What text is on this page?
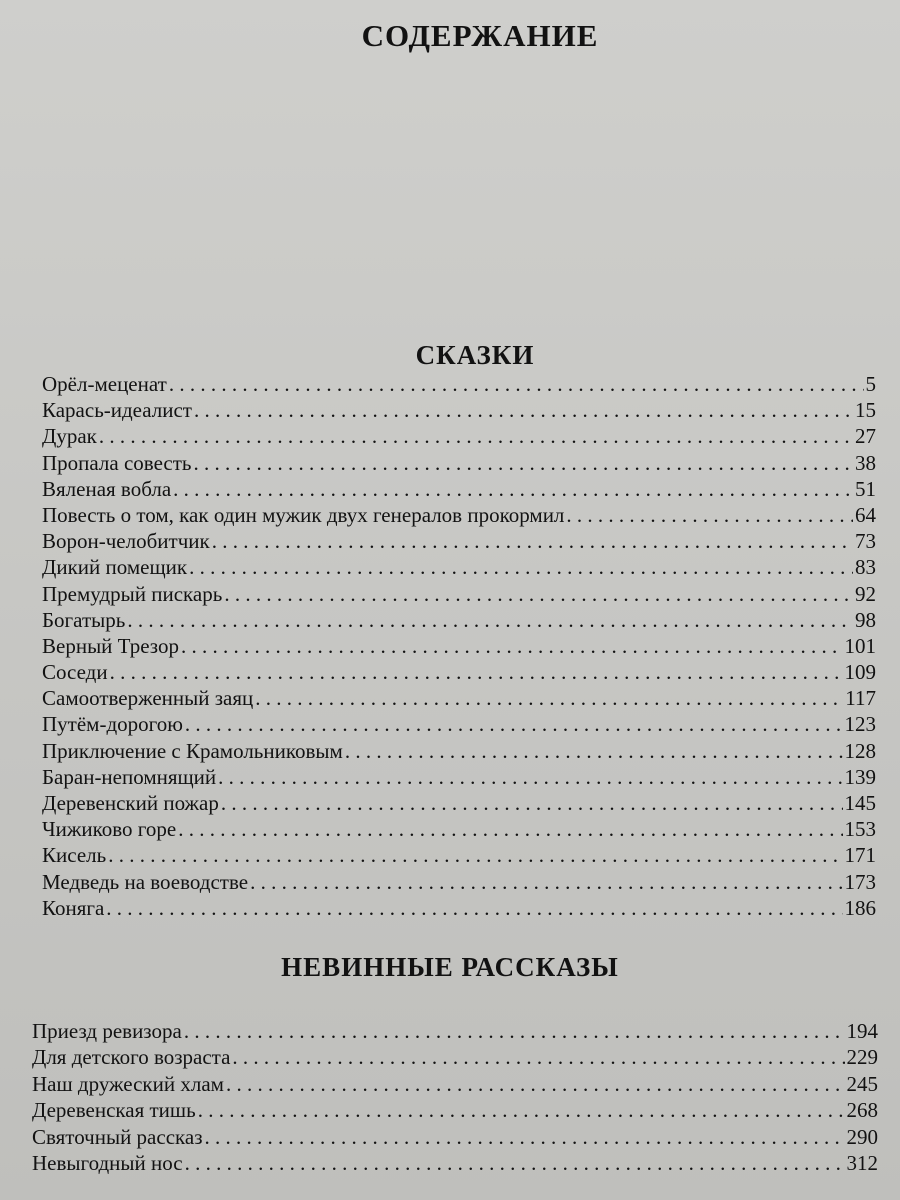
СОДЕРЖАНИЕ
СКАЗКИ
Орёл-меценат . . .	5
Карась-идеалист . . .	15
Дурак . . .	27
Пропала совесть . . .	38
Вяленая вобла . . .	51
Повесть о том, как один мужик двух генералов прокормил . . .	64
Ворон-челобитчик . . .	73
Дикий помещик . . .	83
Премудрый пискарь . . .	92
Богатырь . . .	98
Верный Трезор . . .	101
Соседи . . .	109
Самоотверженный заяц . . .	117
Путём-дорогою . . .	123
Приключение с Крамольниковым . . .	128
Баран-непомнящий . . .	139
Деревенский пожар . . .	145
Чижиково горе . . .	153
Кисель . . .	171
Медведь на воеводстве . . .	173
Коняга . . .	186
НЕВИННЫЕ РАССКАЗЫ
Приезд ревизора . . .	194
Для детского возраста . . .	229
Наш дружеский хлам . . .	245
Деревенская тишь . . .	268
Святочный рассказ . . .	290
Невыгодный нос . . .	312
